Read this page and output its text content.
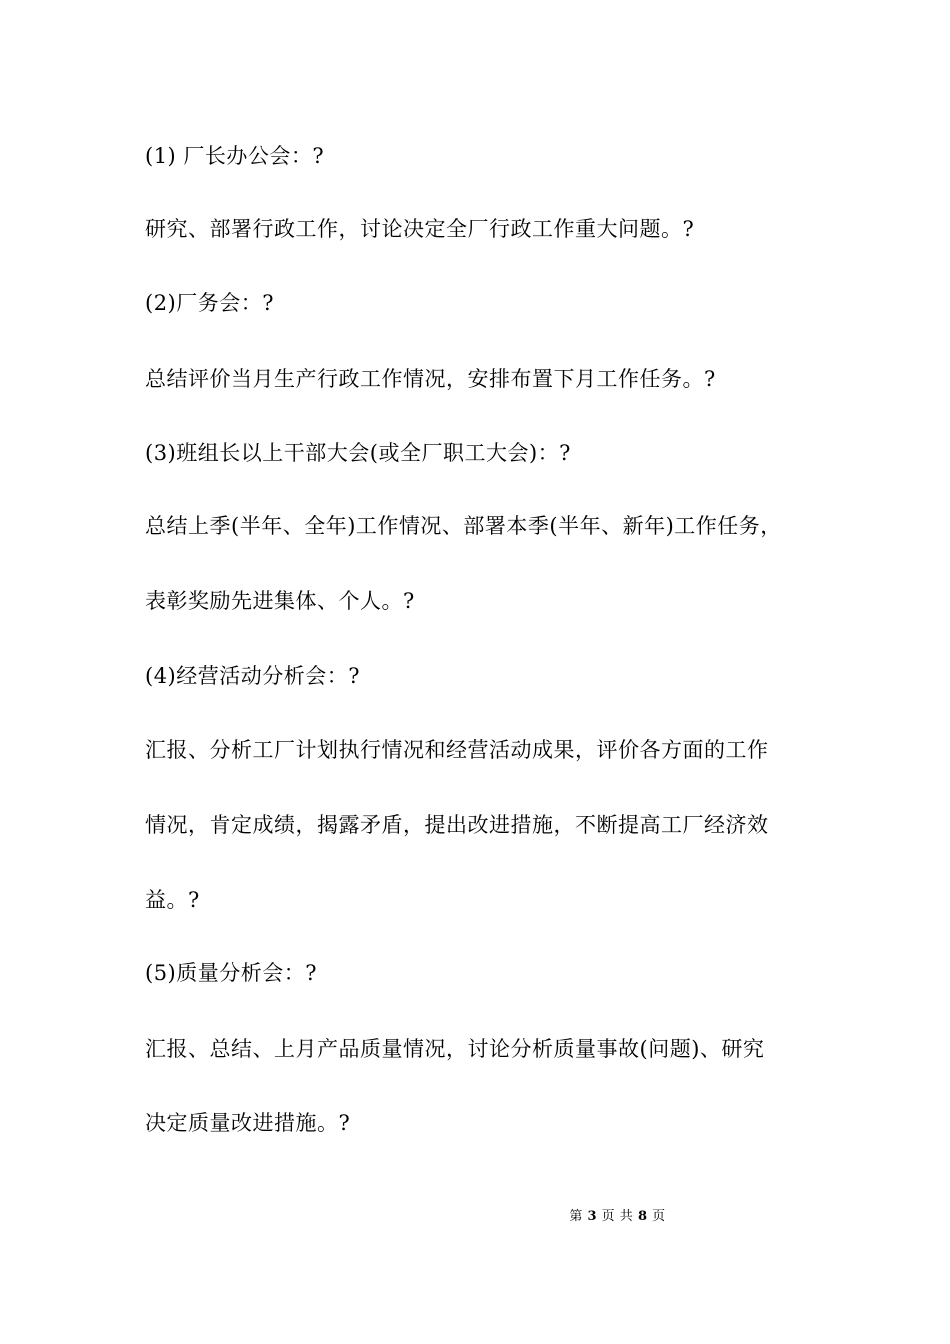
(1) 厂长办公会：?
研究、部署行政工作，讨论决定全厂行政工作重大问题。?
(2)厂务会：?
总结评价当月生产行政工作情况，安排布置下月工作任务。?
(3)班组长以上干部大会(或全厂职工大会)：?
总结上季(半年、全年)工作情况、部署本季(半年、新年)工作任务，
表彰奖励先进集体、个人。?
(4)经营活动分析会：?
汇报、分析工厂计划执行情况和经营活动成果，评价各方面的工作
情况，肯定成绩，揭露矛盾，提出改进措施，不断提高工厂经济效
益。?
(5)质量分析会：?
汇报、总结、上月产品质量情况，讨论分析质量事故(问题)、研究
决定质量改进措施。?
第 3 页 共 8 页
